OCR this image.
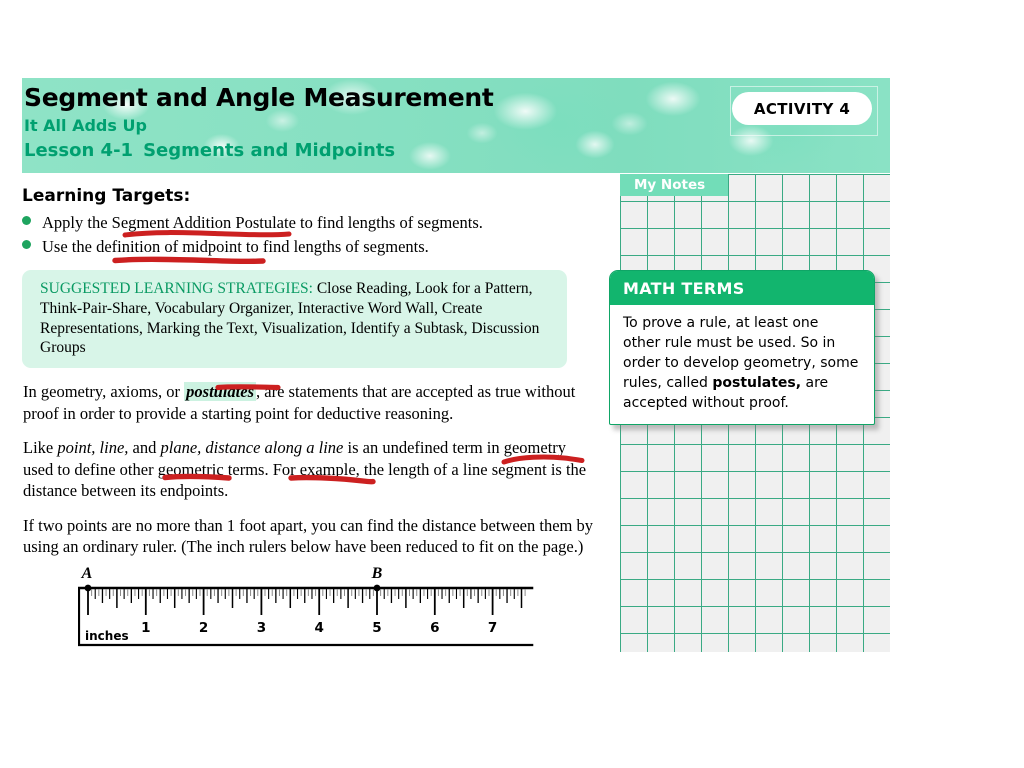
Segment and Angle Measurement
It All Adds Up
Lesson 4-1 Segments and Midpoints
ACTIVITY 4
Learning Targets:
Apply the Segment Addition Postulate to find lengths of segments.
Use the definition of midpoint to find lengths of segments.
SUGGESTED LEARNING STRATEGIES: Close Reading, Look for a Pattern, Think-Pair-Share, Vocabulary Organizer, Interactive Word Wall, Create Representations, Marking the Text, Visualization, Identify a Subtask, Discussion Groups
In geometry, axioms, or postulates , are statements that are accepted as true without proof in order to provide a starting point for deductive reasoning.
Like point, line, and plane, distance along a line is an undefined term in geometry used to define other geometric terms. For example, the length of a line segment is the distance between its endpoints.
If two points are no more than 1 foot apart, you can find the distance between them by using an ordinary ruler. (The inch rulers below have been reduced to fit on the page.)
1	2	3	4	5	6	7
inches
A	B
My Notes
MATH TERMS
To prove a rule, at least one other rule must be used. So in order to develop geometry, some rules, called postulates, are accepted without proof.
